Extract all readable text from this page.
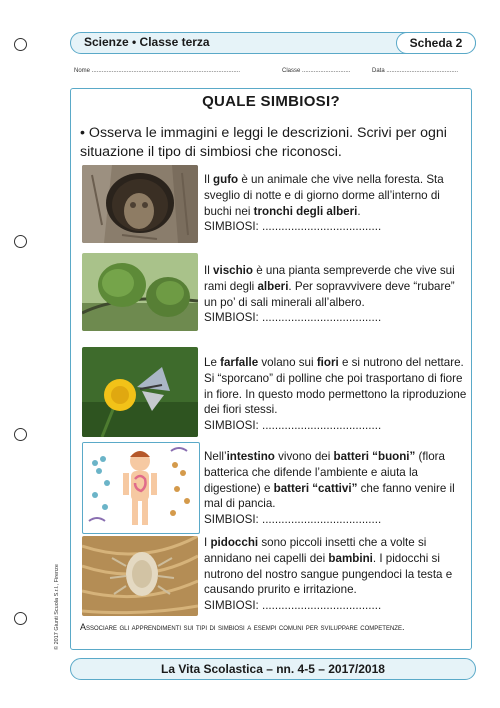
Scienze • Classe terza	Scheda 2
Nome .........................................................................................	Classe .............................	Data ...........................................
QUALE SIMBIOSI?
• Osserva le immagini e leggi le descrizioni. Scrivi per ogni situazione il tipo di simbiosi che riconosci.
Il gufo è un animale che vive nella foresta. Sta sveglio di notte e di giorno dorme all’interno di buchi nei tronchi degli alberi.
SIMBIOSI: .....................................
Il vischio è una pianta sempreverde che vive sui rami degli alberi. Per sopravvivere deve “rubare” un po’ di sali minerali all’albero.
SIMBIOSI: .....................................
Le farfalle volano sui fiori e si nutrono del nettare. Si “sporcano” di polline che poi trasportano di fiore in fiore. In questo modo permettono la riproduzione dei fiori stessi.
SIMBIOSI: .....................................
Nell’intestino vivono dei batteri “buoni” (flora batterica che difende l’ambiente e aiuta la digestione) e batteri “cattivi” che fanno venire il mal di pancia.
SIMBIOSI: .....................................
I pidocchi sono piccoli insetti che a volte si annidano nei capelli dei bambini. I pidocchi si nutrono del nostro sangue pungendoci la testa e causando prurito e irritazione.
SIMBIOSI: .....................................
Associare gli apprendimenti sui tipi di simbiosi a esempi comuni per sviluppare competenze.
© 2017 Giunti Scuola S.r.l., Firenze
La Vita Scolastica – nn. 4-5 – 2017/2018
